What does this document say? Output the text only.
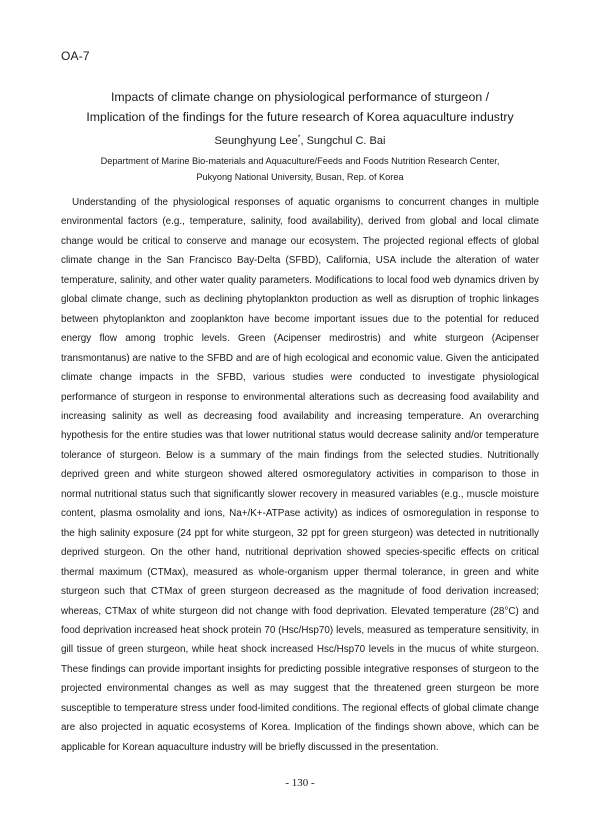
OA-7
Impacts of climate change on physiological performance of sturgeon /
Implication of the findings for the future research of Korea aquaculture industry
Seunghyung Lee*, Sungchul C. Bai
Department of Marine Bio-materials and Aquaculture/Feeds and Foods Nutrition Research Center,
Pukyong National University, Busan, Rep. of Korea

Understanding of the physiological responses of aquatic organisms to concurrent changes in multiple environmental factors (e.g., temperature, salinity, food availability), derived from global and local climate change would be critical to conserve and manage our ecosystem. The projected regional effects of global climate change in the San Francisco Bay-Delta (SFBD), California, USA include the alteration of water temperature, salinity, and other water quality parameters. Modifications to local food web dynamics driven by global climate change, such as declining phytoplankton production as well as disruption of trophic linkages between phytoplankton and zooplankton have become important issues due to the potential for reduced energy flow among trophic levels. Green (Acipenser medirostris) and white sturgeon (Acipenser transmontanus) are native to the SFBD and are of high ecological and economic value. Given the anticipated climate change impacts in the SFBD, various studies were conducted to investigate physiological performance of sturgeon in response to environmental alterations such as decreasing food availability and increasing salinity as well as decreasing food availability and increasing temperature. An overarching hypothesis for the entire studies was that lower nutritional status would decrease salinity and/or temperature tolerance of sturgeon. Below is a summary of the main findings from the selected studies. Nutritionally deprived green and white sturgeon showed altered osmoregulatory activities in comparison to those in normal nutritional status such that significantly slower recovery in measured variables (e.g., muscle moisture content, plasma osmolality and ions, Na+/K+-ATPase activity) as indices of osmoregulation in response to the high salinity exposure (24 ppt for white sturgeon, 32 ppt for green sturgeon) was detected in nutritionally deprived sturgeon. On the other hand, nutritional deprivation showed species-specific effects on critical thermal maximum (CTMax), measured as whole-organism upper thermal tolerance, in green and white sturgeon such that CTMax of green sturgeon decreased as the magnitude of food derivation increased; whereas, CTMax of white sturgeon did not change with food deprivation. Elevated temperature (28°C) and food deprivation increased heat shock protein 70 (Hsc/Hsp70) levels, measured as temperature sensitivity, in gill tissue of green sturgeon, while heat shock increased Hsc/Hsp70 levels in the mucus of white sturgeon. These findings can provide important insights for predicting possible integrative responses of sturgeon to the projected environmental changes as well as may suggest that the threatened green sturgeon be more susceptible to temperature stress under food-limited conditions. The regional effects of global climate change are also projected in aquatic ecosystems of Korea. Implication of the findings shown above, which can be applicable for Korean aquaculture industry will be briefly discussed in the presentation.

- 130 -
